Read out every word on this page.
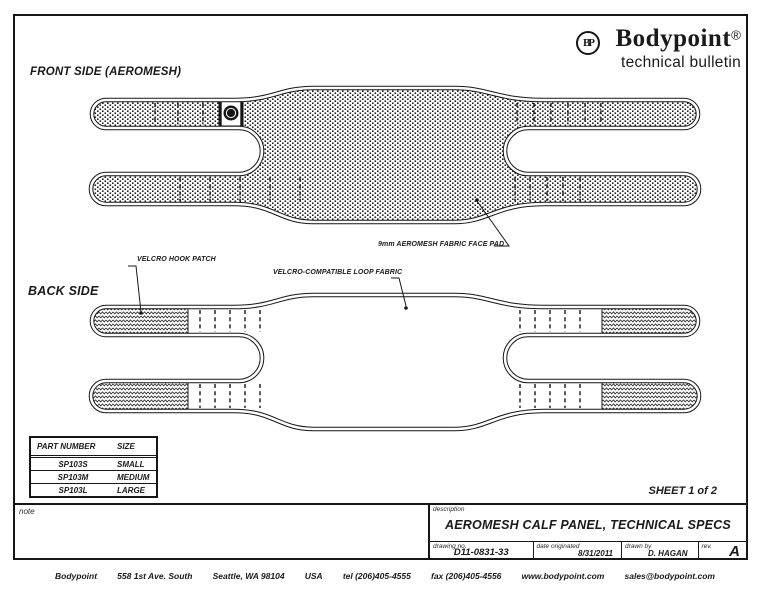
BP Bodypoint®
technical bulletin
FRONT SIDE (AEROMESH)
BACK SIDE
9mm AEROMESH FABRIC FACE PAD
VELCRO HOOK PATCH
VELCRO-COMPATIBLE LOOP FABRIC
PART NUMBER	SIZE
SP103S	SMALL
SP103M	MEDIUM
SP103L	LARGE	SHEET 1 of 2
note	description
AEROMESH CALF PANEL, TECHNICAL SPECS
drawing no.
D11-0831-33	date originated
8/31/2011
drawn by
D. HAGAN
rev. A
Bodypoint 558 1st Ave. South Seattle, WA 98104 USA tel (206)405-4555 fax (206)405-4556 www.bodypoint.com sales@bodypoint.com
